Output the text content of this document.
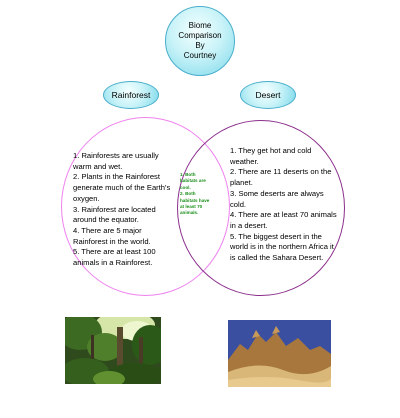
Biome
Comparison
By
Courtney
Rainforest	Desert
1. Rainforests are usually warm and wet.
2. Plants in the Rainforest generate much of the Earth's oxygen.
3. Rainforest are located around the equator.
4. There are 5 major Rainforest in the world.
5. There are at least 100 animals in a Rainforest.
1. Both habitats are cool.
2. Both habitats have at least 70 animals.
1. They get hot and cold weather.
2. There are 11 deserts on the planet.
3. Some deserts are always cold.
4. There are at least 70 animals in a desert.
5. The biggest desert in the world is in the northern Africa it is called the Sahara Desert.
